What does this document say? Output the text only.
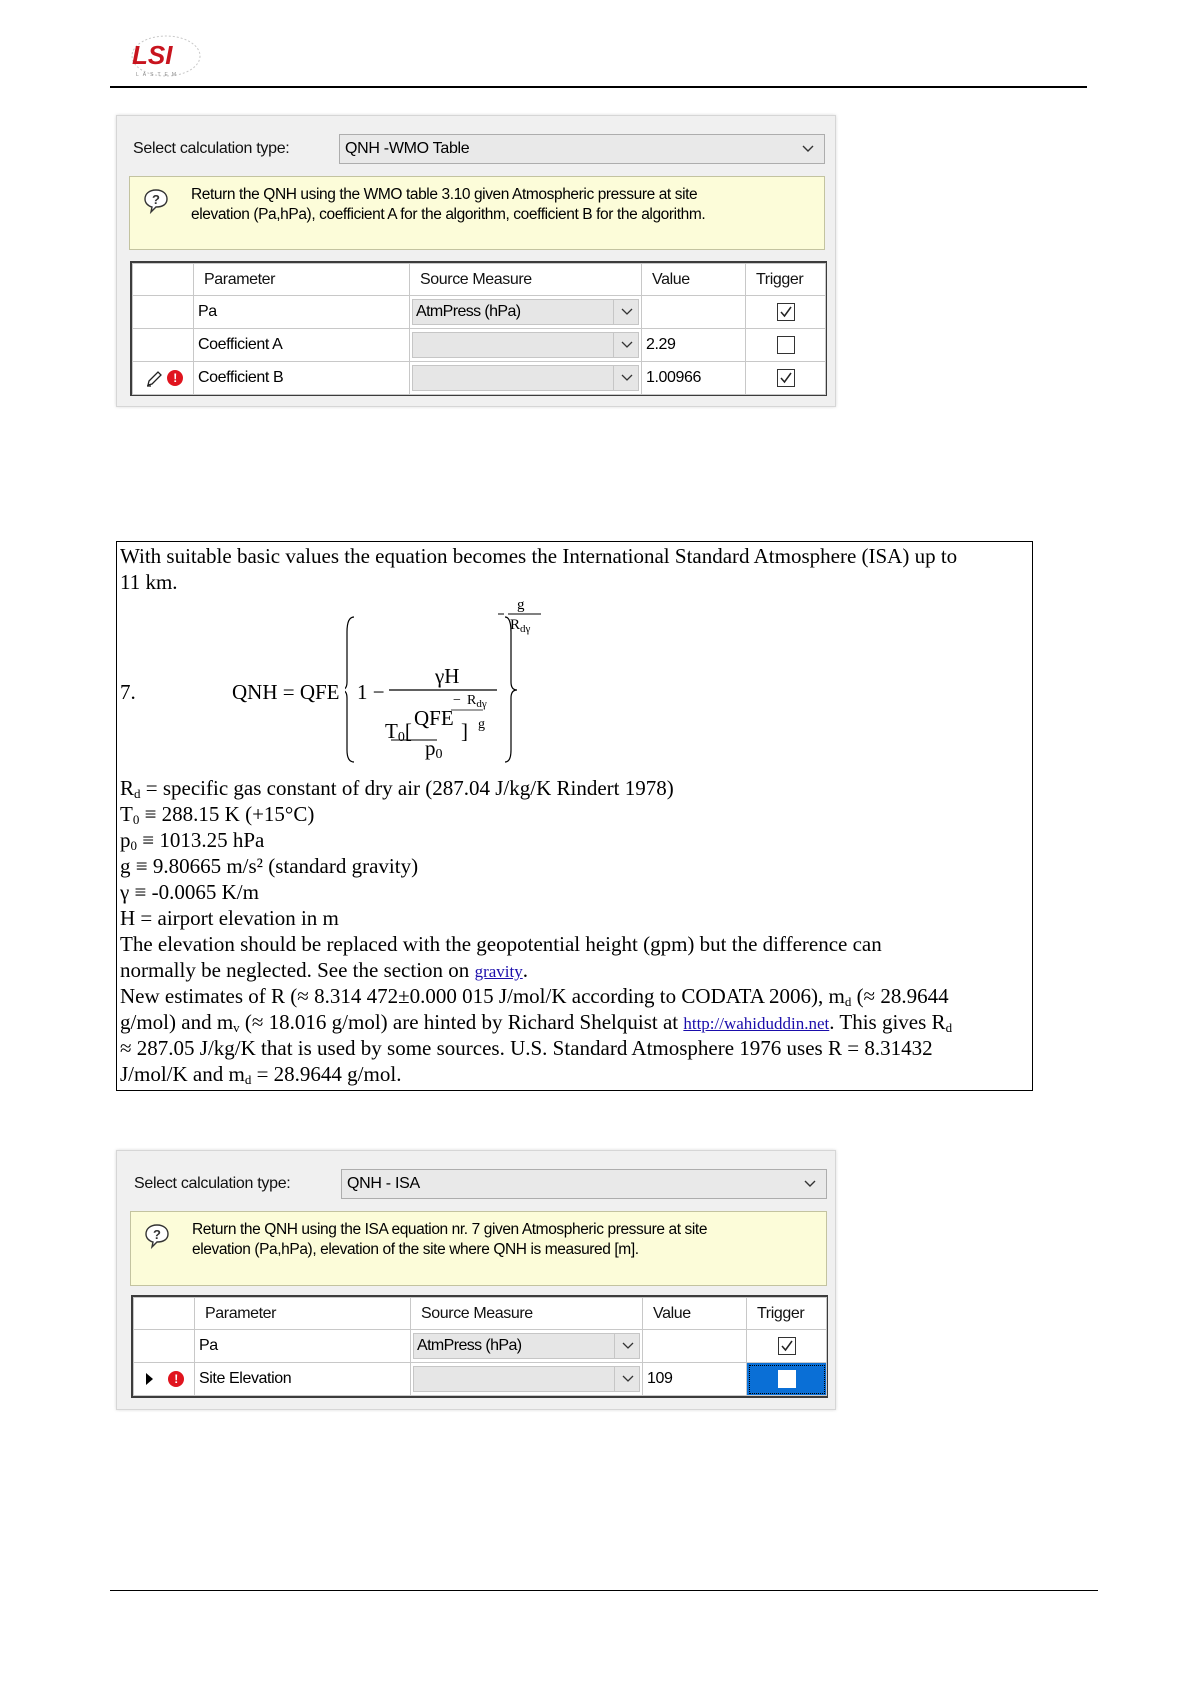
LSI
LASTEM
Select calculation type:	QNH -WMO Table
? Return the QNH using the WMO table 3.10 given Atmospheric pressure at site
elevation (Pa,hPa), coefficient A for the algorithm, coefficient B for the algorithm.
	Parameter	Source Measure	Value	Trigger
	Pa	AtmPress (hPa)

	Coefficient A		2.29	

!	Coefficient B		1.00966	
With suitable basic values the equation becomes the International Standard Atmosphere (ISA) up to
11 km.
7.	QNH = QFE 1 −
γH
$T_0$[
QFE
$p_0$
]
− $R_{d\gamma}$
g
g
$R_{d\gamma}$
$R_d$ = specific gas constant of dry air (287.04 J/kg/K Rindert 1978)
$T_0 \equiv 288.15$ K (+15°C)
$p_0 \equiv 1013.25$ hPa
g ≡ 9.80665 m/s² (standard gravity)
γ ≡ -0.0065 K/m
H = airport elevation in m
The elevation should be replaced with the geopotential height (gpm) but the difference can
normally be neglected. See the section on gravity.
New estimates of R (≈ 8.314 472±0.000 015 J/mol/K according to CODATA 2006), $m_d$ (≈ 28.9644
g/mol) and $m_v$ (≈ 18.016 g/mol) are hinted by Richard Shelquist at http://wahiduddin.net. This gives $R_d$
≈ 287.05 J/kg/K that is used by some sources. U.S. Standard Atmosphere 1976 uses R = 8.31432
J/mol/K and $m_d = 28.9644$ g/mol.
Select calculation type:	QNH - ISA
? Return the QNH using the ISA equation nr. 7 given Atmospheric pressure at site
elevation (Pa,hPa), elevation of the site where QNH is measured [m].
	Parameter	Source Measure	Value	Trigger
	Pa	AtmPress (hPa)

!	Site Elevation		109	
